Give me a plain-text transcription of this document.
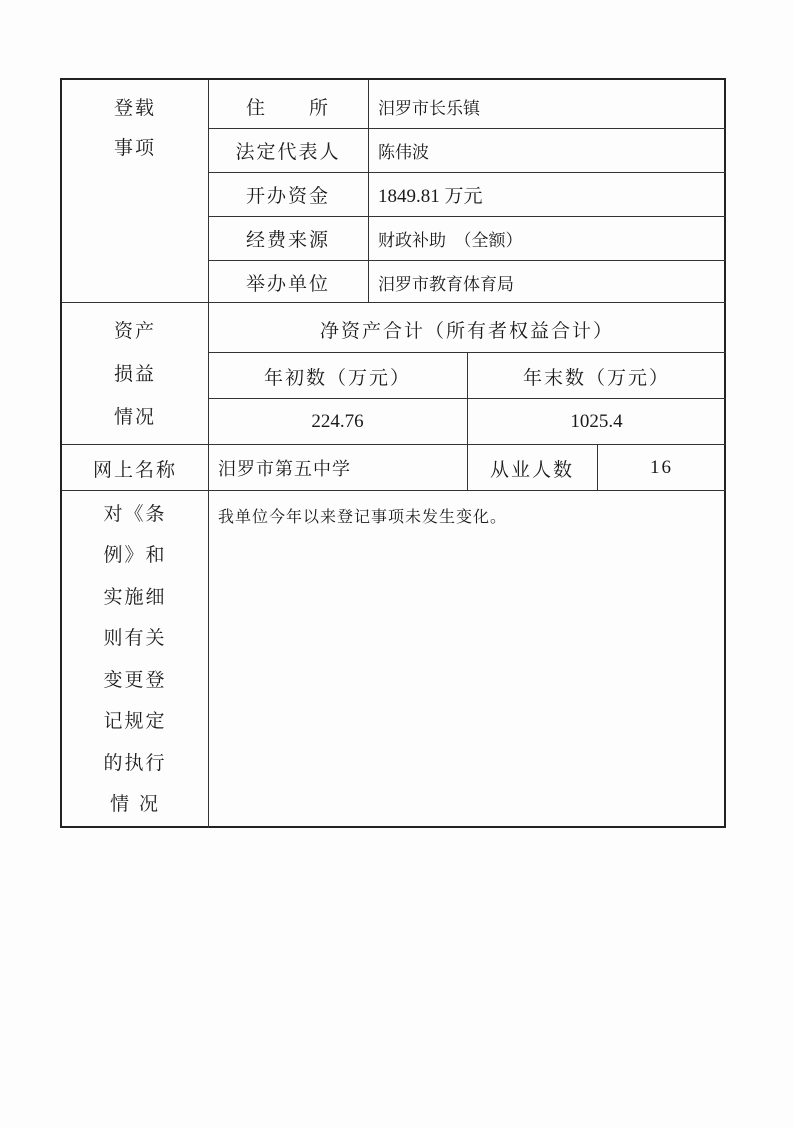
登载
事项
住　　所	汨罗市长乐镇
法定代表人	陈伟波
开办资金	1849.81 万元
经费来源	财政补助　（全额）
举办单位	汨罗市教育体育局
资产
损益
情况
净资产合计（所有者权益合计）
年初数（万元）	年末数（万元）
224.76	1025.4
网上名称	汨罗市第五中学	从业人数	16
对《条
例》和
实施细
则有关
变更登
记规定
的执行
情 况
我单位今年以来登记事项未发生变化。
